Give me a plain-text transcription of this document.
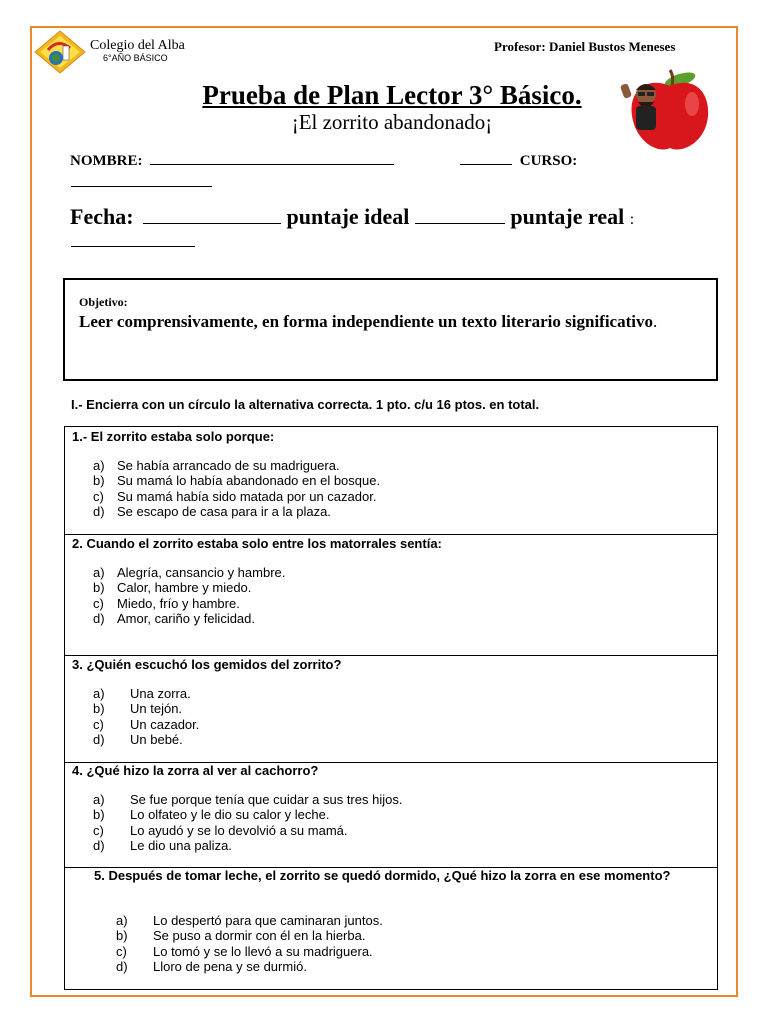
Colegio del Alba
6°AÑO BÁSICO
Profesor: Daniel Bustos Meneses
Prueba de Plan Lector 3° Básico.
¡El zorrito abandonado¡
NOMBRE:	CURSO:
Fecha:	puntaje ideal	puntaje real :
Objetivo:
Leer comprensivamente, en forma independiente un texto literario significativo.
I.- Encierra con un círculo la alternativa correcta. 1 pto. c/u 16 ptos. en total.
1.- El zorrito estaba solo porque:
a) Se había arrancado de su madriguera.
b) Su mamá lo había abandonado en el bosque.
c) Su mamá había sido matada por un cazador.
d) Se escapo de casa para ir a la plaza.
2. Cuando el zorrito estaba solo entre los matorrales sentía:
a) Alegría, cansancio y hambre.
b) Calor, hambre y miedo.
c) Miedo, frío y hambre.
d) Amor, cariño y felicidad.
3. ¿Quién escuchó los gemidos del zorrito?
a) Una zorra.
b) Un tejón.
c) Un cazador.
d) Un bebé.
4. ¿Qué hizo la zorra al ver al cachorro?
a) Se fue porque tenía que cuidar a sus tres hijos.
b) Lo olfateo y le dio su calor y leche.
c) Lo ayudó y se lo devolvió a su mamá.
d) Le dio una paliza.
5. Después de tomar leche, el zorrito se quedó dormido, ¿Qué hizo la zorra en ese momento?
a) Lo despertó para que caminaran juntos.
b) Se puso a dormir con él en la hierba.
c) Lo tomó y se lo llevó a su madriguera.
d) Lloro de pena y se durmió.
